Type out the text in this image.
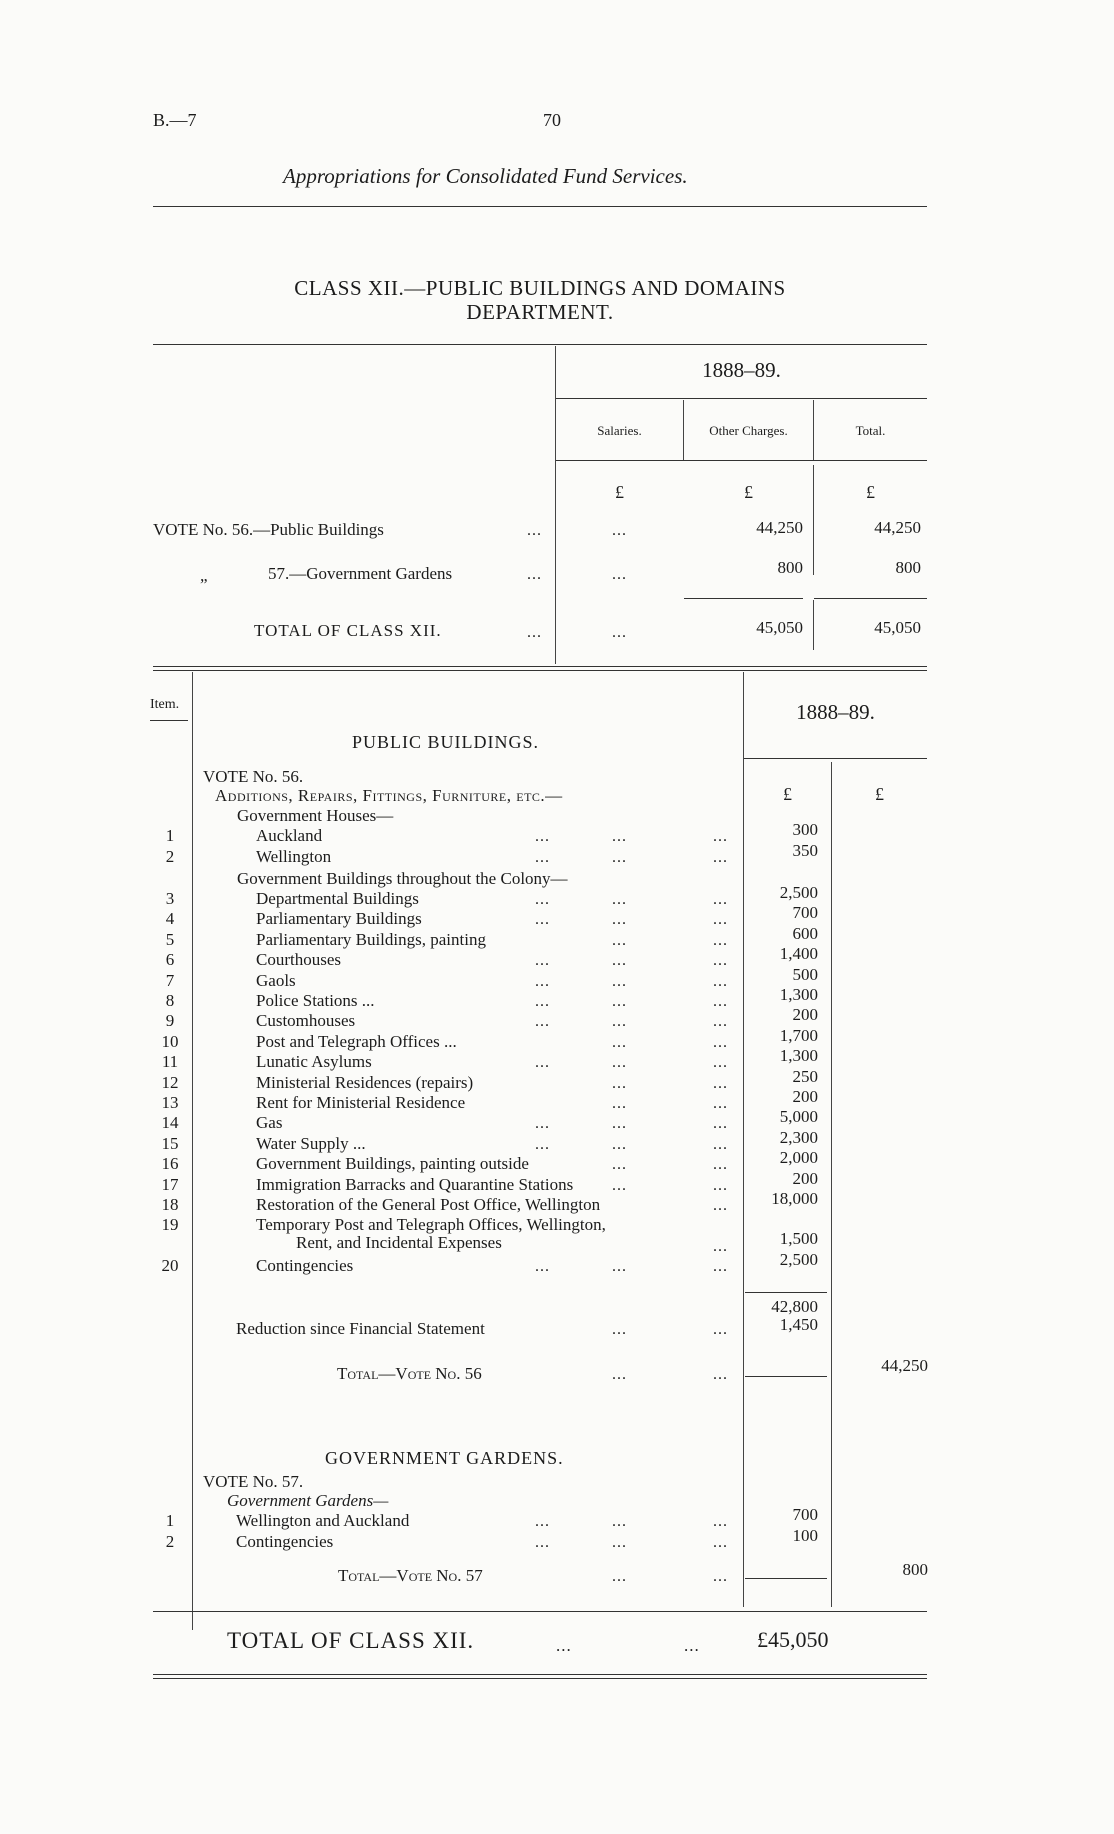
B.—7	70
Appropriations for Consolidated Fund Services.
CLASS XII.—PUBLIC BUILDINGS AND DOMAINS
DEPARTMENT.
1888–89.
Salaries.	Other Charges.	Total.
£	£	£
VOTE No. 56.—Public Buildings	...	...	44,250	44,250
„	57.—Government Gardens	...	...	800	800
TOTAL OF CLASS XII.	...	...	45,050	45,050
Item.	1888–89.
PUBLIC BUILDINGS.
VOTE No. 56.
Additions, Repairs, Fittings, Furniture, etc.—	£	£
Government Houses—
1	Auckland	...	...	...	300
2	Wellington	...	...	...	350
Government Buildings throughout the Colony—
3	Departmental Buildings	...	...	...	2,500
4	Parliamentary Buildings	...	...	...	700
5	Parliamentary Buildings, painting	...	...	600
6	Courthouses	...	...	...	1,400
7	Gaols	...	...	...	500
8	Police Stations ...	...	...	...	1,300
9	Customhouses	...	...	...	200
10	Post and Telegraph Offices ...	...	...	1,700
11	Lunatic Asylums	...	...	...	1,300
12	Ministerial Residences (repairs)	...	...	250
13	Rent for Ministerial Residence	...	...	200
14	Gas	...	...	...	5,000
15	Water Supply ...	...	...	...	2,300
16	Government Buildings, painting outside	...	...	2,000
17	Immigration Barracks and Quarantine Stations ...	...	200
18	Restoration of the General Post Office, Wellington	...	18,000
19	Temporary Post and Telegraph Offices, Wellington,
Rent, and Incidental Expenses	...	1,500
20	Contingencies	...	...	...	2,500
42,800
Reduction since Financial Statement	...	...	1,450
Total—Vote No. 56	...	...	44,250
GOVERNMENT GARDENS.
VOTE No. 57.
Government Gardens—
1	Wellington and Auckland	...	...	...	700
2	Contingencies	...	...	...	100
Total—Vote No. 57	...	...	800
TOTAL OF CLASS XII.	...	...	£45,050
